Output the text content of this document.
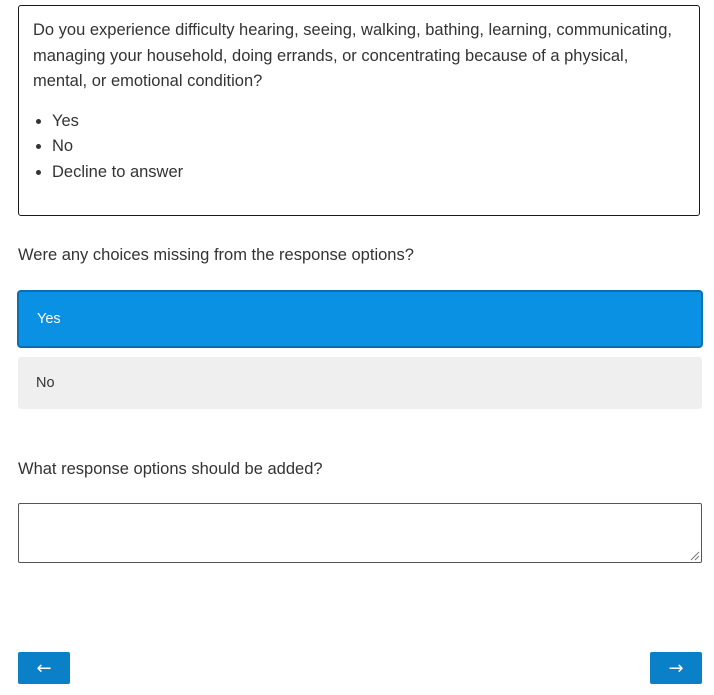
Do you experience difficulty hearing, seeing, walking, bathing, learning, communicating, managing your household, doing errands, or concentrating because of a physical, mental, or emotional condition?

• Yes
• No
• Decline to answer

Were any choices missing from the response options?

Yes
No

What response options should be added?

←	→
